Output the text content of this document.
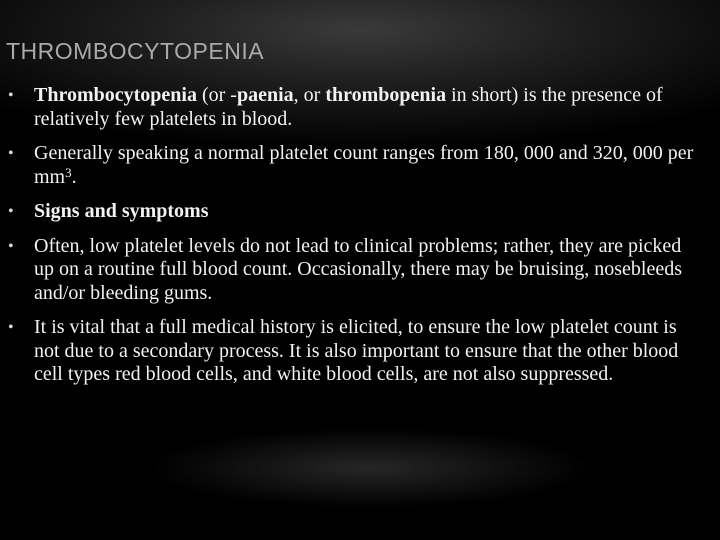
THROMBOCYTOPENIA
• Thrombocytopenia (or -paenia, or thrombopenia in short) is the presence of relatively few platelets in blood.
• Generally speaking a normal platelet count ranges from 180, 000 and 320, 000 per $mm^3$.
• Signs and symptoms
• Often, low platelet levels do not lead to clinical problems; rather, they are picked up on a routine full blood count. Occasionally, there may be bruising, nosebleeds and/or bleeding gums.
• It is vital that a full medical history is elicited, to ensure the low platelet count is not due to a secondary process. It is also important to ensure that the other blood cell types red blood cells, and white blood cells, are not also suppressed.
